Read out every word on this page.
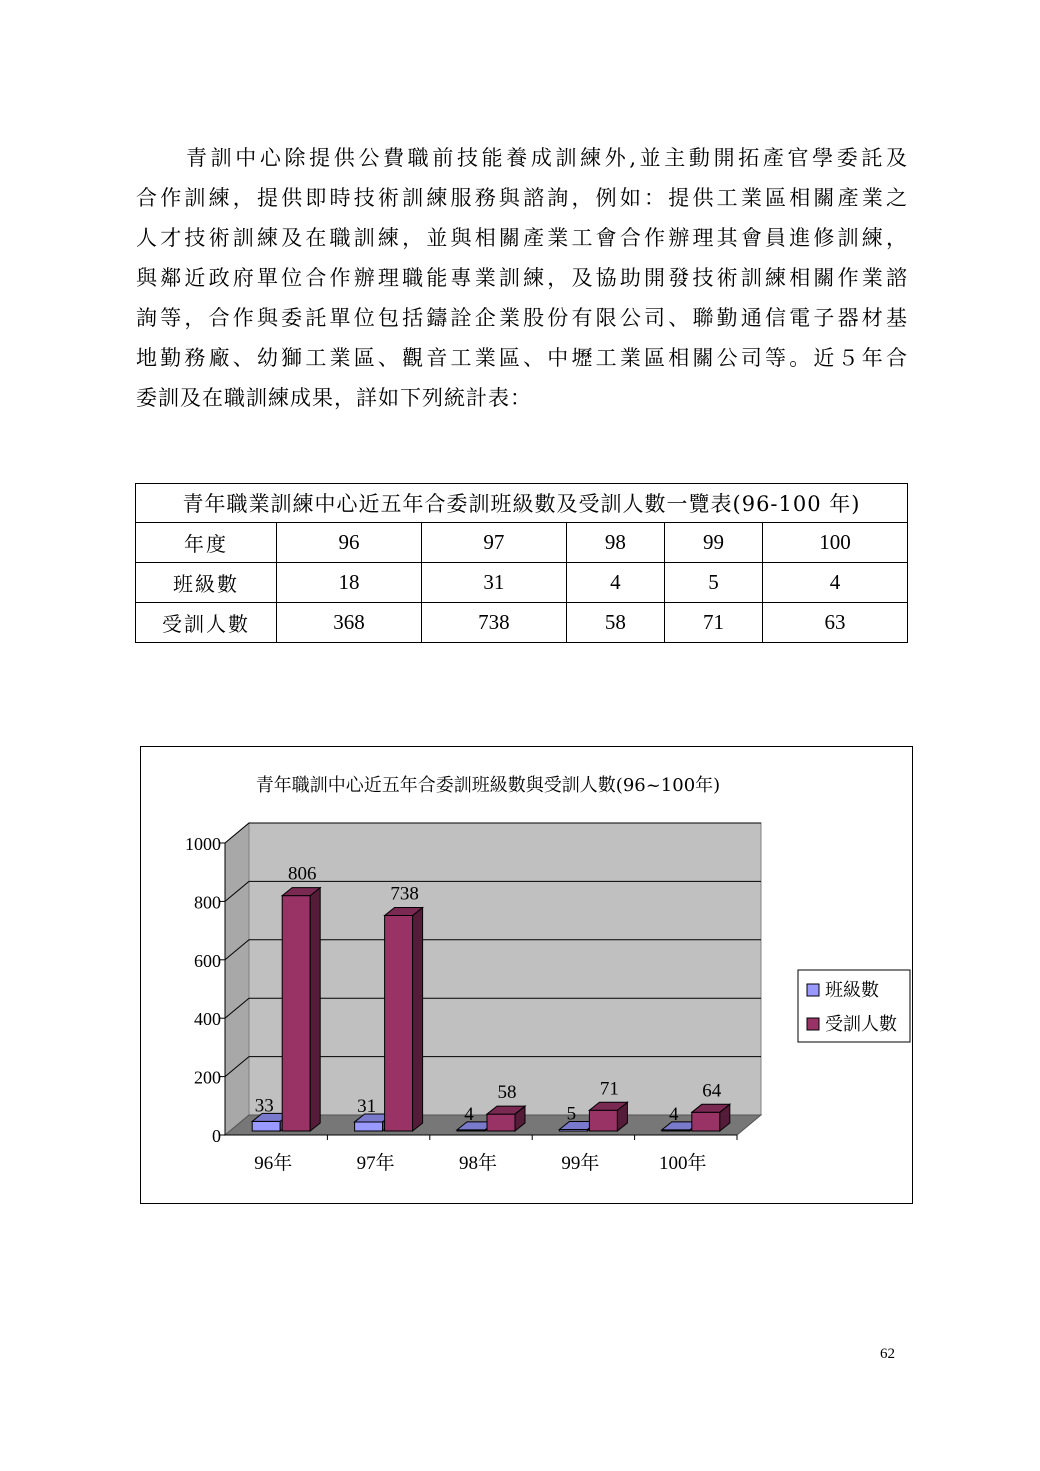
青訓中心除提供公費職前技能養成訓練外,並主動開拓產官學委託及
合作訓練，提供即時技術訓練服務與諮詢，例如：提供工業區相關產業之
人才技術訓練及在職訓練，並與相關產業工會合作辦理其會員進修訓練，
與鄰近政府單位合作辦理職能專業訓練，及協助開發技術訓練相關作業諮
詢等，合作與委託單位包括鑄詮企業股份有限公司、聯勤通信電子器材基
地勤務廠、幼獅工業區、觀音工業區、中壢工業區相關公司等。近５年合
委訓及在職訓練成果，詳如下列統計表：
青年職業訓練中心近五年合委訓班級數及受訓人數一覽表(96-100 年)					
年度	96	97	98	99	100
班級數	18	31	4	5	4
受訓人數	368	738	58	71	63
青年職訓中心近五年合委訓班級數與受訓人數(96~100年)
0
200
400
600
800
1000
96年
33
806
97年
31
738
98年
4
58
99年
5
71
100年
4
64
班級數
受訓人數
62
